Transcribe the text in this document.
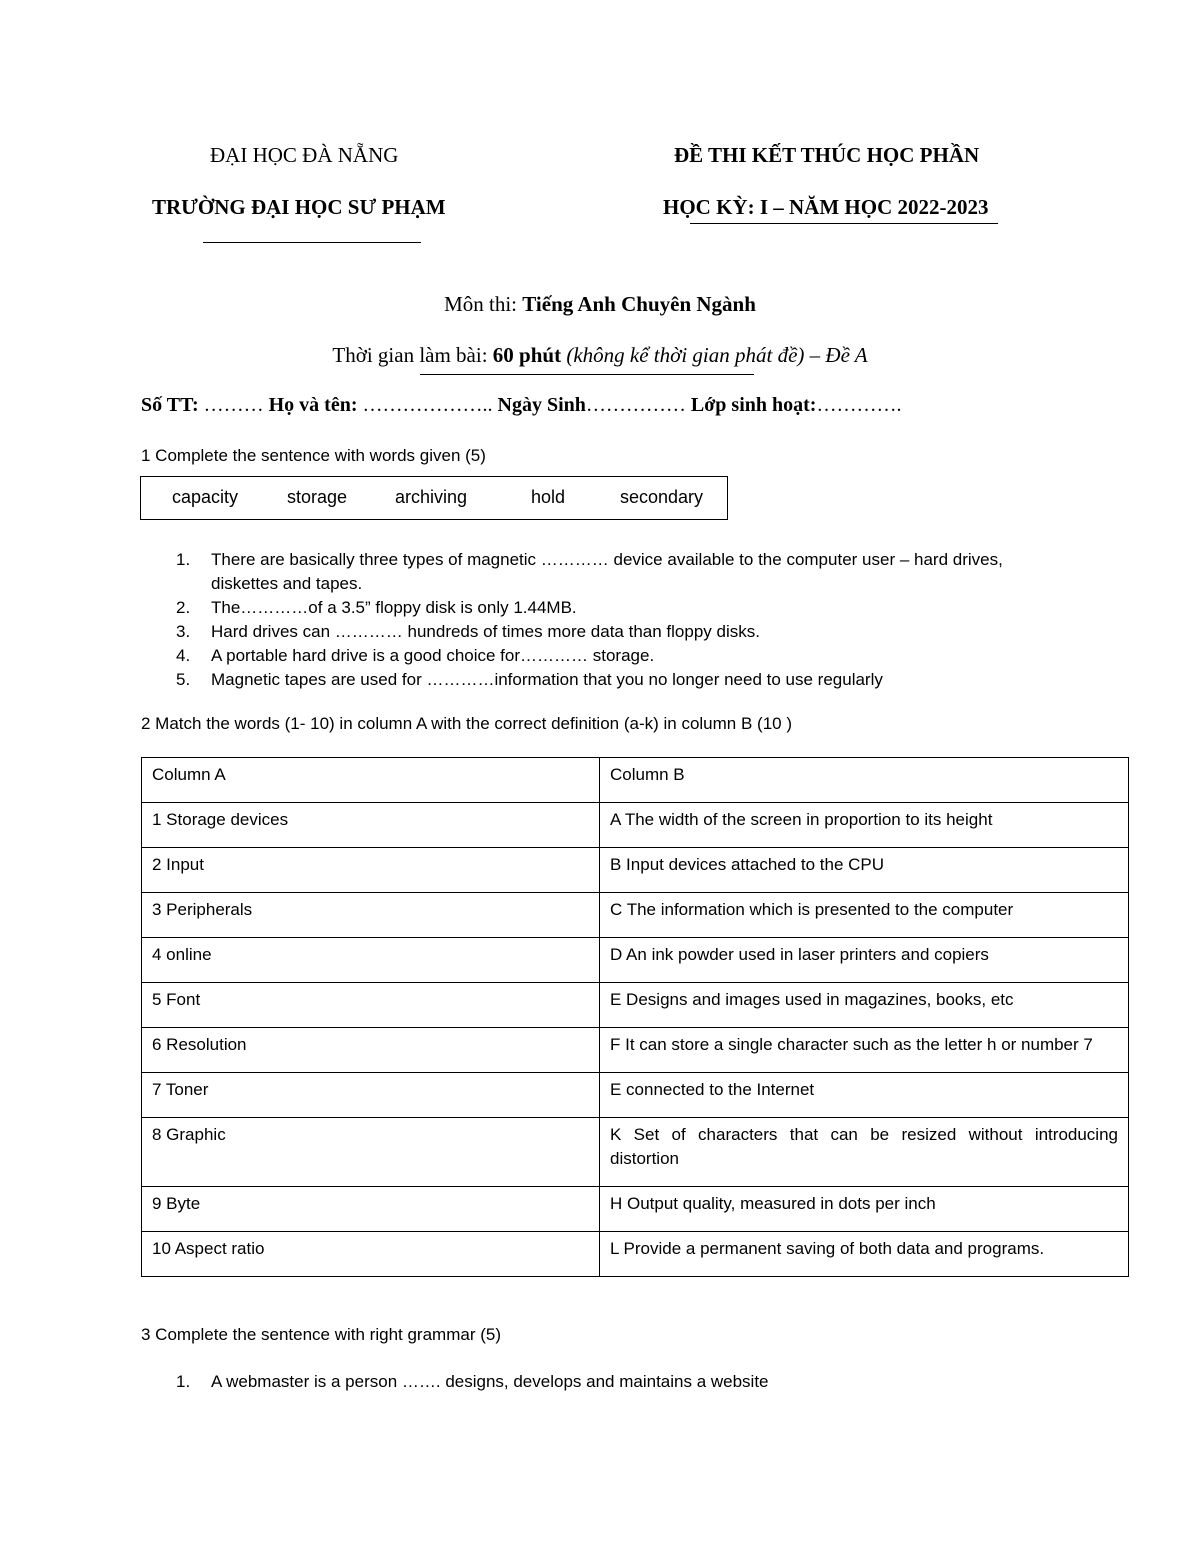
ĐẠI HỌC ĐÀ NẴNG
TRƯỜNG ĐẠI HỌC SƯ PHẠM
ĐỀ THI KẾT THÚC HỌC PHẦN
HỌC KỲ: I – NĂM HỌC 2022-2023
Môn thi: Tiếng Anh Chuyên Ngành
Thời gian làm bài: 60 phút (không kể thời gian phát đề) – Đề A
Số TT: ……… Họ và tên: ……………….. Ngày Sinh…………… Lớp sinh hoạt:………….
1 Complete the sentence with words given (5)
capacity	storage	archiving	hold	secondary
1. There are basically three types of magnetic ………… device available to the computer user – hard drives,
diskettes and tapes.
2. The…………of a 3.5” floppy disk is only 1.44MB.
3. Hard drives can ………… hundreds of times more data than floppy disks.
4. A portable hard drive is a good choice for………… storage.
5. Magnetic tapes are used for …………information that you no longer need to use regularly
2 Match the words (1- 10) in column A with the correct definition (a-k) in column B (10 )
Column A	Column B
1 Storage devices	A The width of the screen in proportion to its height
2 Input	B Input devices attached to the CPU
3 Peripherals	C The information which is presented to the computer
4 online	D An ink powder used in laser printers and copiers
5 Font	E Designs and images used in magazines, books, etc
6 Resolution	F It can store a single character such as the letter h or number 7
7 Toner	E connected to the Internet
8 Graphic	K Set of characters that can be resized without introducing distortion
9 Byte	H Output quality, measured in dots per inch
10 Aspect ratio	L Provide a permanent saving of both data and programs.
3 Complete the sentence with right grammar (5)
1. A webmaster is a person ……. designs, develops and maintains a website
